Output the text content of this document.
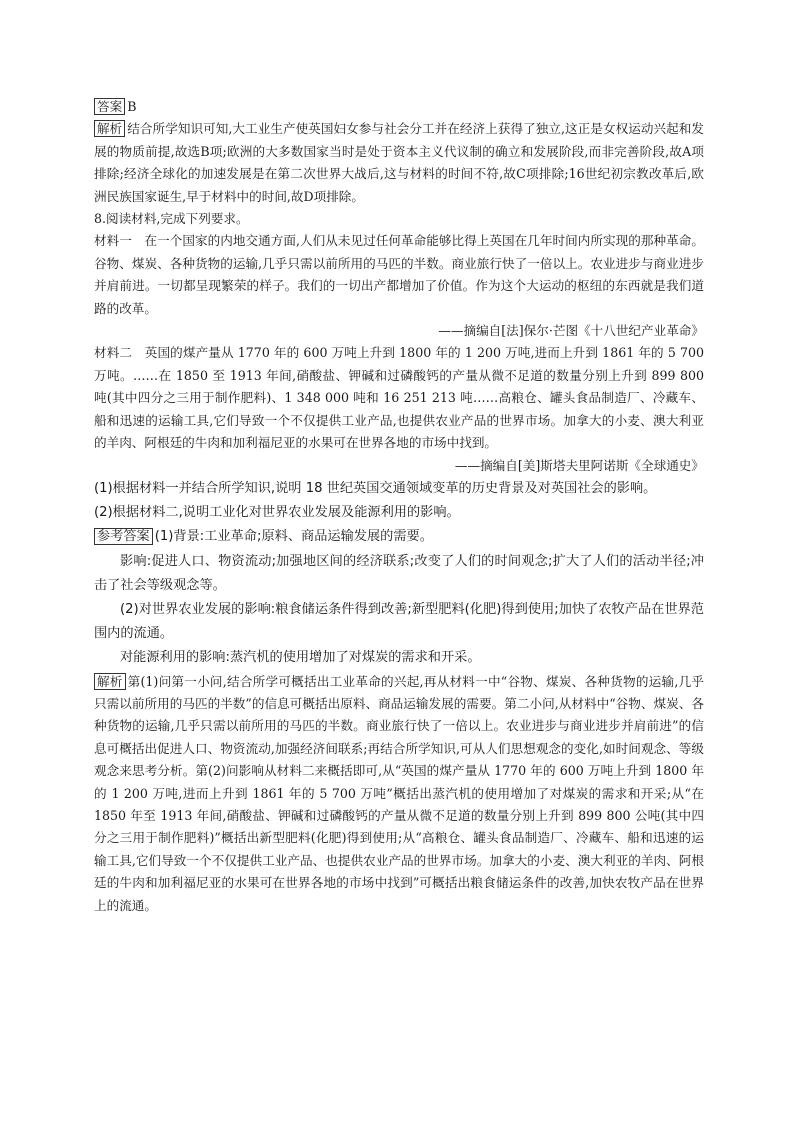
答案 B

解析 结合所学知识可知,大工业生产使英国妇女参与社会分工并在经济上获得了独立,这正是女权运动兴起和发展的物质前提,故选B项;欧洲的大多数国家当时是处于资本主义代议制的确立和发展阶段,而非完善阶段,故A项排除;经济全球化的加速发展是在第二次世界大战后,这与材料的时间不符,故C项排除;16世纪初宗教改革后,欧洲民族国家诞生,早于材料中的时间,故D项排除。

8.阅读材料,完成下列要求。

材料一  在一个国家的内地交通方面,人们从未见过任何革命能够比得上英国在几年时间内所实现的那种革命。谷物、煤炭、各种货物的运输,几乎只需以前所用的马匹的半数。商业旅行快了一倍以上。农业进步与商业进步并肩前进。一切都呈现繁荣的样子。我们的一切出产都增加了价值。作为这个大运动的枢纽的东西就是我们道路的改革。

——摘编自[法]保尔·芒图《十八世纪产业革命》

材料二  英国的煤产量从 1770 年的 600 万吨上升到 1800 年的 1 200 万吨,进而上升到 1861 年的 5 700 万吨。……在 1850 至 1913 年间,硝酸盐、钾碱和过磷酸钙的产量从微不足道的数量分别上升到 899 800 吨(其中四分之三用于制作肥料)、1 348 000 吨和 16 251 213 吨……高粮仓、罐头食品制造厂、冷藏车、船和迅速的运输工具,它们导致一个不仅提供工业产品,也提供农业产品的世界市场。加拿大的小麦、澳大利亚的羊肉、阿根廷的牛肉和加利福尼亚的水果可在世界各地的市场中找到。

——摘编自[美]斯塔夫里阿诺斯《全球通史》

(1)根据材料一并结合所学知识,说明 18 世纪英国交通领域变革的历史背景及对英国社会的影响。

(2)根据材料二,说明工业化对世界农业发展及能源利用的影响。

参考答案 (1)背景:工业革命;原料、商品运输发展的需要。

影响:促进人口、物资流动;加强地区间的经济联系;改变了人们的时间观念;扩大了人们的活动半径;冲击了社会等级观念等。

(2)对世界农业发展的影响:粮食储运条件得到改善;新型肥料(化肥)得到使用;加快了农牧产品在世界范围内的流通。

对能源利用的影响:蒸汽机的使用增加了对煤炭的需求和开采。

解析 第(1)问第一小问,结合所学可概括出工业革命的兴起,再从材料一中“谷物、煤炭、各种货物的运输,几乎只需以前所用的马匹的半数”的信息可概括出原料、商品运输发展的需要。第二小问,从材料中“谷物、煤炭、各种货物的运输,几乎只需以前所用的马匹的半数。商业旅行快了一倍以上。农业进步与商业进步并肩前进”的信息可概括出促进人口、物资流动,加强经济间联系;再结合所学知识,可从人们思想观念的变化,如时间观念、等级观念来思考分析。第(2)问影响从材料二来概括即可,从“英国的煤产量从 1770 年的 600 万吨上升到 1800 年的 1 200 万吨,进而上升到 1861 年的 5 700 万吨”概括出蒸汽机的使用增加了对煤炭的需求和开采;从“在 1850 年至 1913 年间,硝酸盐、钾碱和过磷酸钙的产量从微不足道的数量分别上升到 899 800 公吨(其中四分之三用于制作肥料)”概括出新型肥料(化肥)得到使用;从“高粮仓、罐头食品制造厂、冷藏车、船和迅速的运输工具,它们导致一个不仅提供工业产品、也提供农业产品的世界市场。加拿大的小麦、澳大利亚的羊肉、阿根廷的牛肉和加利福尼亚的水果可在世界各地的市场中找到”可概括出粮食储运条件的改善,加快农牧产品在世界上的流通。
